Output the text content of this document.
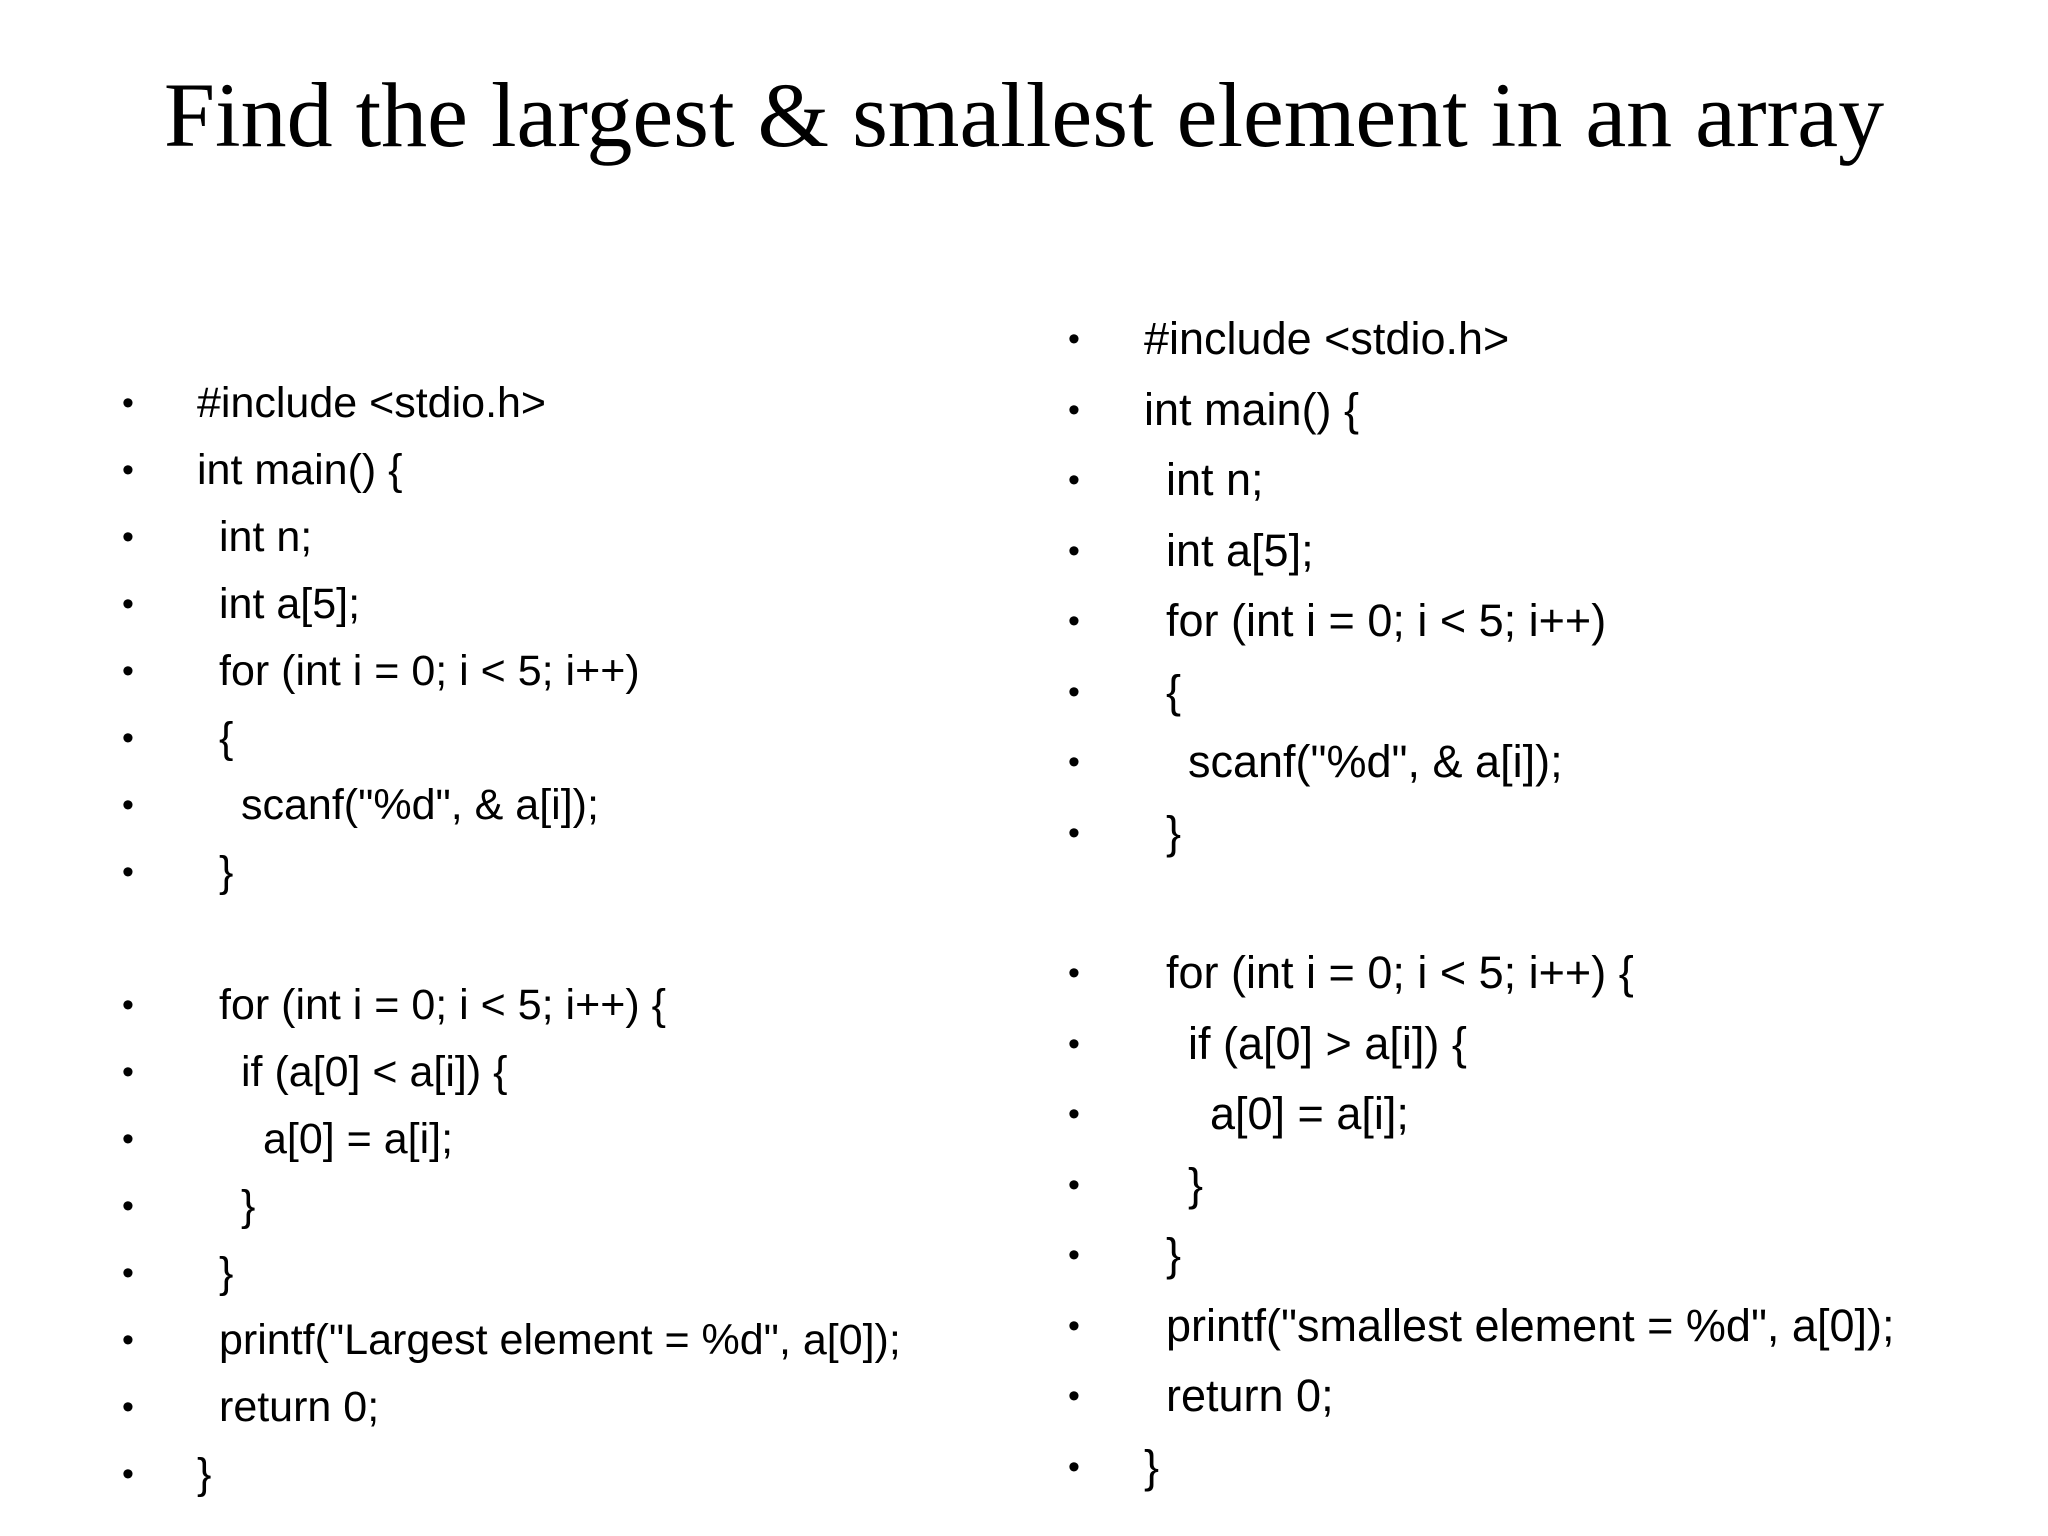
Find the largest & smallest element in an array
• #include <stdio.h>
• int main() {
• int n;
• int a[5];
• for (int i = 0; i < 5; i++)
• {
• scanf("%d", & a[i]);
• }
• for (int i = 0; i < 5; i++) {
• if (a[0] < a[i]) {
•	a[0] = a[i];
• }
• }
• printf("Largest element = %d", a[0]);
• return 0;
• }
• #include <stdio.h>
• int main() {
• int n;
• int a[5];
• for (int i = 0; i < 5; i++)
• {
• scanf("%d", & a[i]);
• }
• for (int i = 0; i < 5; i++) {
• if (a[0] > a[i]) {
•	a[0] = a[i];
• }
• }
• printf("smallest element = %d", a[0]);
• return 0;
• }
